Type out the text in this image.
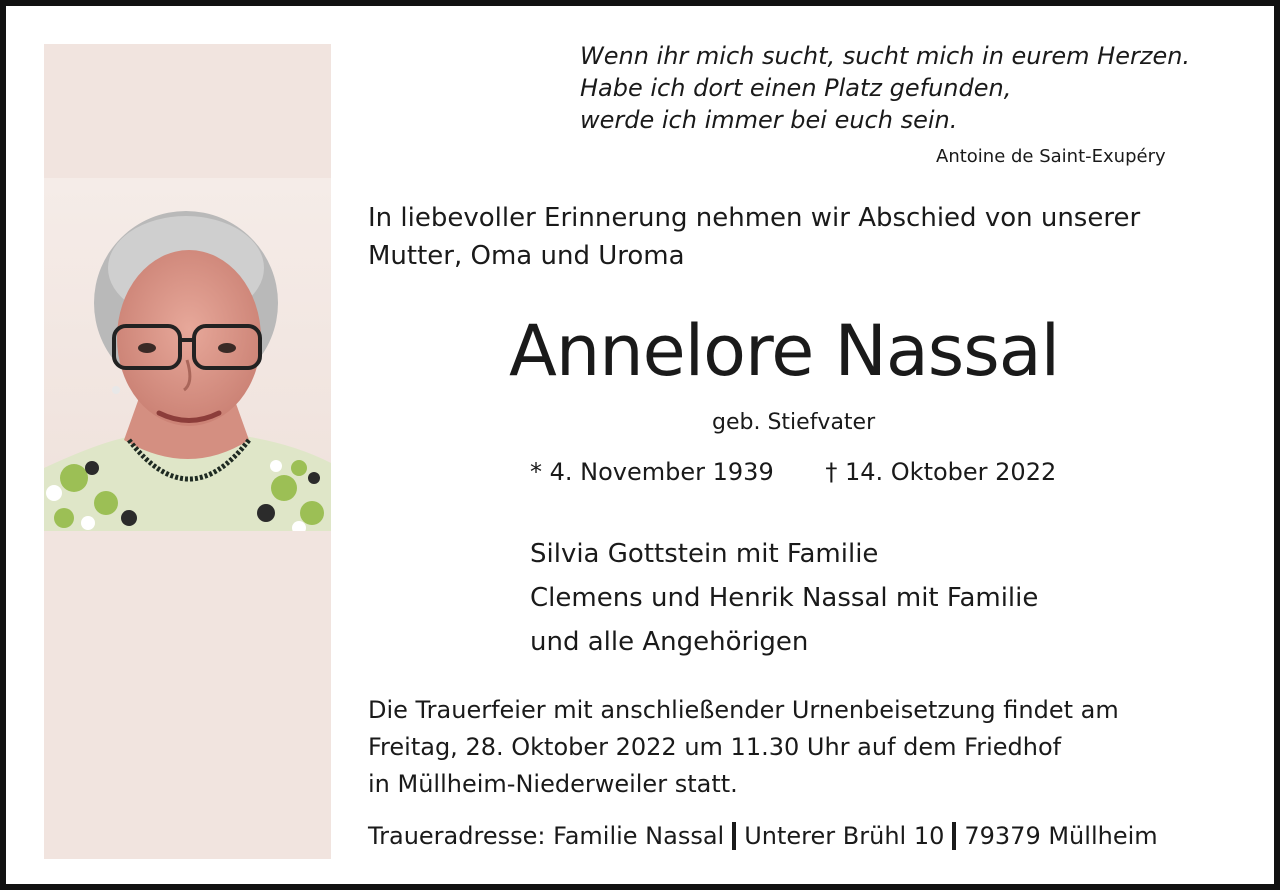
Wenn ihr mich sucht, sucht mich in eurem Herzen.
Habe ich dort einen Platz gefunden,
werde ich immer bei euch sein.
Antoine de Saint-Exupéry
In liebevoller Erinnerung nehmen wir Abschied von unserer
Mutter, Oma und Uroma
Annelore Nassal
geb. Stiefvater
* 4. November 1939 † 14. Oktober 2022
Silvia Gottstein mit Familie
Clemens und Henrik Nassal mit Familie
und alle Angehörigen
Die Trauerfeier mit anschließender Urnenbeisetzung findet am
Freitag, 28. Oktober 2022 um 11.30 Uhr auf dem Friedhof
in Müllheim-Niederweiler statt.
Traueradresse: Familie Nassal Unterer Brühl 10 79379 Müllheim
